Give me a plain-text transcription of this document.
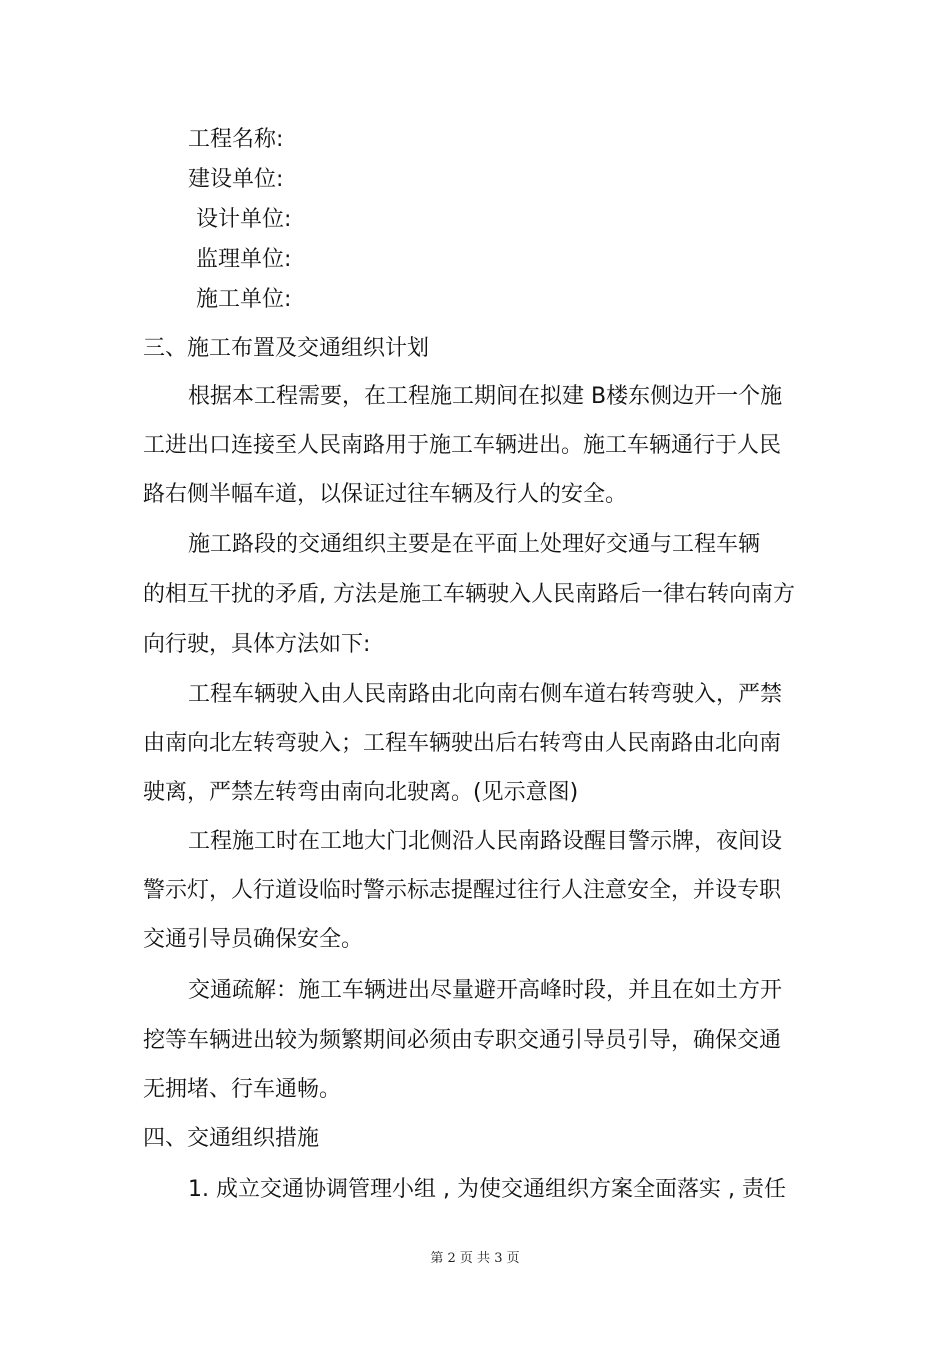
工程名称:
建设单位:
设计单位:
监理单位:
施工单位:
三、施工布置及交通组织计划
根据本工程需要，在工程施工期间在拟建 B楼东侧边开一个施
工进出口连接至人民南路用于施工车辆进出。施工车辆通行于人民
路右侧半幅车道，以保证过往车辆及行人的安全。
施工路段的交通组织主要是在平面上处理好交通与工程车辆
的相互干扰的矛盾, 方法是施工车辆驶入人民南路后一律右转向南方
向行驶，具体方法如下:
工程车辆驶入由人民南路由北向南右侧车道右转弯驶入，严禁
由南向北左转弯驶入；工程车辆驶出后右转弯由人民南路由北向南
驶离，严禁左转弯由南向北驶离。(见示意图)
工程施工时在工地大门北侧沿人民南路设醒目警示牌，夜间设
警示灯，人行道设临时警示标志提醒过往行人注意安全，并设专职
交通引导员确保安全。
交通疏解：施工车辆进出尽量避开高峰时段，并且在如土方开
挖等车辆进出较为频繁期间必须由专职交通引导员引导，确保交通
无拥堵、行车通畅。
四、交通组织措施
1. 成立交通协调管理小组 , 为使交通组织方案全面落实 , 责任
第 2 页 共 3 页
